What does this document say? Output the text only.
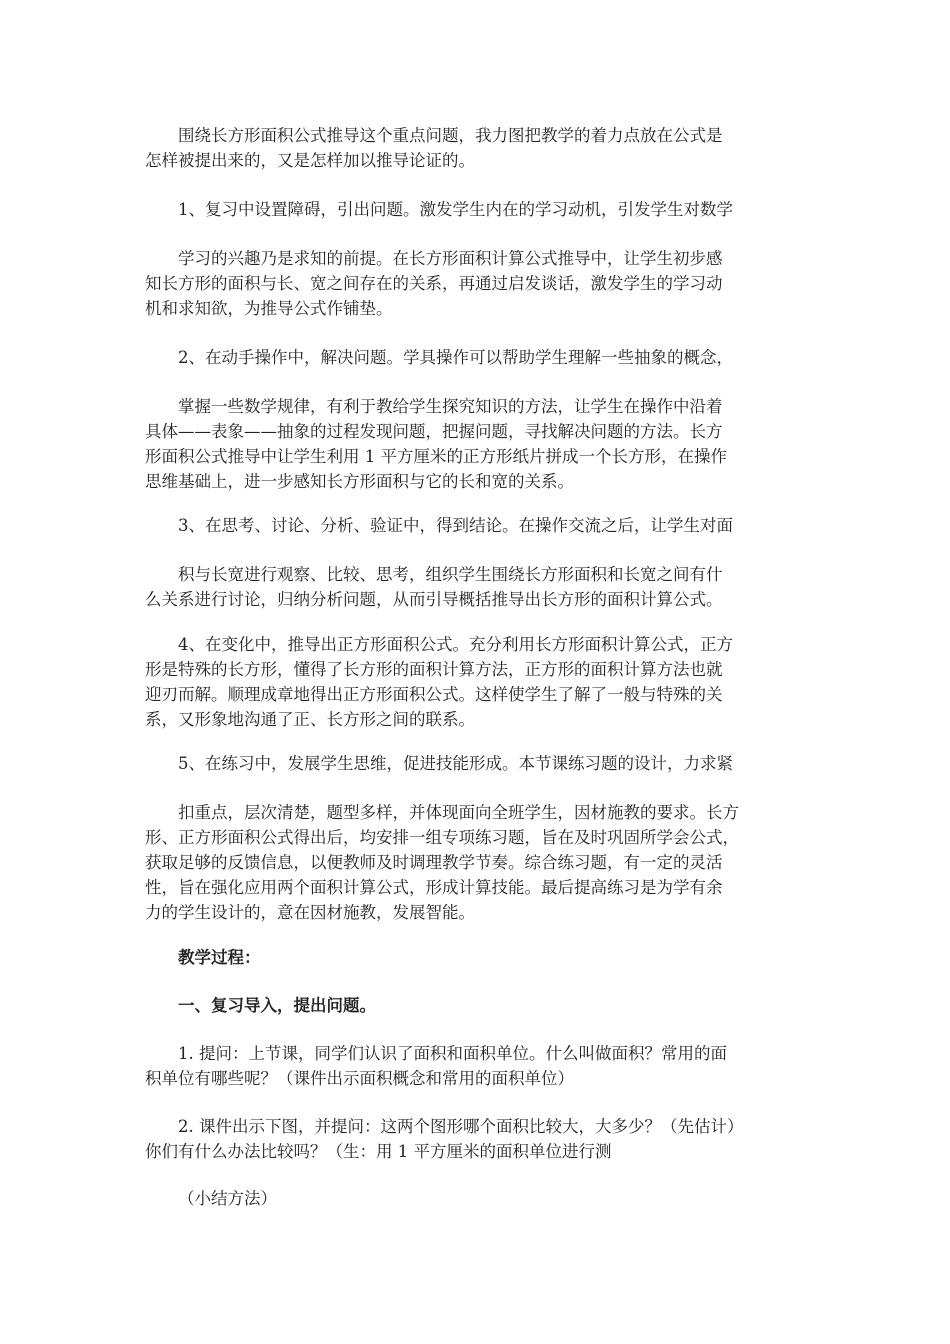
围绕长方形面积公式推导这个重点问题，我力图把教学的着力点放在公式是
怎样被提出来的，又是怎样加以推导论证的。
1、复习中设置障碍，引出问题。激发学生内在的学习动机，引发学生对数学
学习的兴趣乃是求知的前提。在长方形面积计算公式推导中，让学生初步感
知长方形的面积与长、宽之间存在的关系，再通过启发谈话，激发学生的学习动
机和求知欲，为推导公式作铺垫。
2、在动手操作中，解决问题。学具操作可以帮助学生理解一些抽象的概念，
掌握一些数学规律，有利于教给学生探究知识的方法，让学生在操作中沿着
具体——表象——抽象的过程发现问题，把握问题，寻找解决问题的方法。长方
形面积公式推导中让学生利用 1 平方厘米的正方形纸片拼成一个长方形，在操作
思维基础上，进一步感知长方形面积与它的长和宽的关系。
3、在思考、讨论、分析、验证中，得到结论。在操作交流之后，让学生对面
积与长宽进行观察、比较、思考，组织学生围绕长方形面积和长宽之间有什
么关系进行讨论，归纳分析问题，从而引导概括推导出长方形的面积计算公式。
4、在变化中，推导出正方形面积公式。充分利用长方形面积计算公式，正方
形是特殊的长方形，懂得了长方形的面积计算方法，正方形的面积计算方法也就
迎刃而解。顺理成章地得出正方形面积公式。这样使学生了解了一般与特殊的关
系，又形象地沟通了正、长方形之间的联系。
5、在练习中，发展学生思维，促进技能形成。本节课练习题的设计，力求紧
扣重点，层次清楚，题型多样，并体现面向全班学生，因材施教的要求。长方
形、正方形面积公式得出后，均安排一组专项练习题，旨在及时巩固所学会公式，
获取足够的反馈信息，以便教师及时调理教学节奏。综合练习题，有一定的灵活
性，旨在强化应用两个面积计算公式，形成计算技能。最后提高练习是为学有余
力的学生设计的，意在因材施教，发展智能。
教学过程：
一、复习导入，提出问题。
1. 提问：上节课，同学们认识了面积和面积单位。什么叫做面积？常用的面
积单位有哪些呢？（课件出示面积概念和常用的面积单位）
2. 课件出示下图，并提问：这两个图形哪个面积比较大，大多少？（先估计）
你们有什么办法比较吗？（生：用 1 平方厘米的面积单位进行测
（小结方法）
